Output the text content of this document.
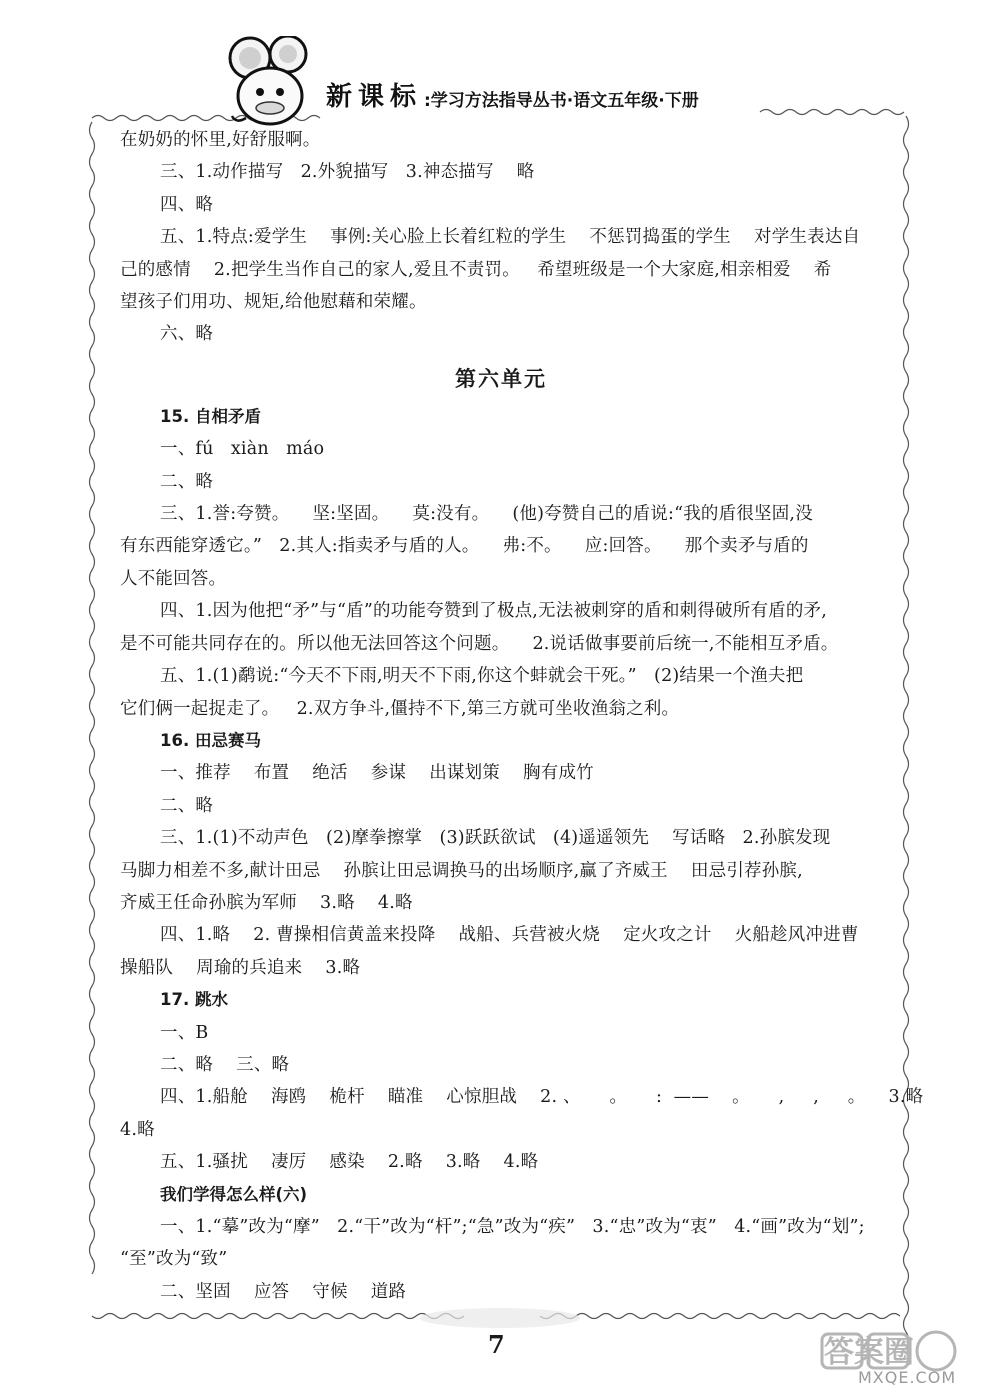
新课标 :学习方法指导丛书·语文五年级·下册

在奶奶的怀里,好舒服啊。

三、1.动作描写   2.外貌描写   3.神态描写    略

四、略

五、1.特点:爱学生    事例:关心脸上长着红粒的学生    不惩罚捣蛋的学生    对学生表达自

己的感情    2.把学生当作自己的家人,爱且不责罚。   希望班级是一个大家庭,相亲相爱    希

望孩子们用功、规矩,给他慰藉和荣耀。

六、略

第六单元

15. 自相矛盾

一、fú   xiàn   máo

二、略

三、1.誉:夸赞。    坚:坚固。    莫:没有。    (他)夸赞自己的盾说:“我的盾很坚固,没

有东西能穿透它。”   2.其人:指卖矛与盾的人。    弗:不。    应:回答。    那个卖矛与盾的

人不能回答。

四、1.因为他把“矛”与“盾”的功能夸赞到了极点,无法被刺穿的盾和刺得破所有盾的矛,

是不可能共同存在的。所以他无法回答这个问题。    2.说话做事要前后统一,不能相互矛盾。

五、1.(1)鹬说:“今天不下雨,明天不下雨,你这个蚌就会干死。”   (2)结果一个渔夫把

它们俩一起捉走了。   2.双方争斗,僵持不下,第三方就可坐收渔翁之利。

16. 田忌赛马

一、推荐    布置    绝活    参谋    出谋划策    胸有成竹

二、略

三、1.(1)不动声色   (2)摩拳擦掌   (3)跃跃欲试   (4)遥遥领先    写话略   2.孙膑发现

马脚力相差不多,献计田忌    孙膑让田忌调换马的出场顺序,赢了齐威王    田忌引荐孙膑,

齐威王任命孙膑为军师    3.略    4.略

四、1.略    2. 曹操相信黄盖来投降    战船、兵营被火烧    定火攻之计    火船趁风冲进曹

操船队    周瑜的兵追来    3.略

17. 跳水

一、B

二、略    三、略

四、1.船舱    海鸥    桅杆    瞄准    心惊胆战    2. 、     。     :  ——    。     ,     ,     。    3.略

4.略

五、1.骚扰    凄厉    感染    2.略    3.略    4.略

我们学得怎么样(六)

一、1.“摹”改为“摩”   2.“干”改为“杆”;“急”改为“疾”   3.“忠”改为“衷”   4.“画”改为“划”;

“至”改为“致”

二、坚固    应答    守候    道路

7	答案圈
MXQE.COM
